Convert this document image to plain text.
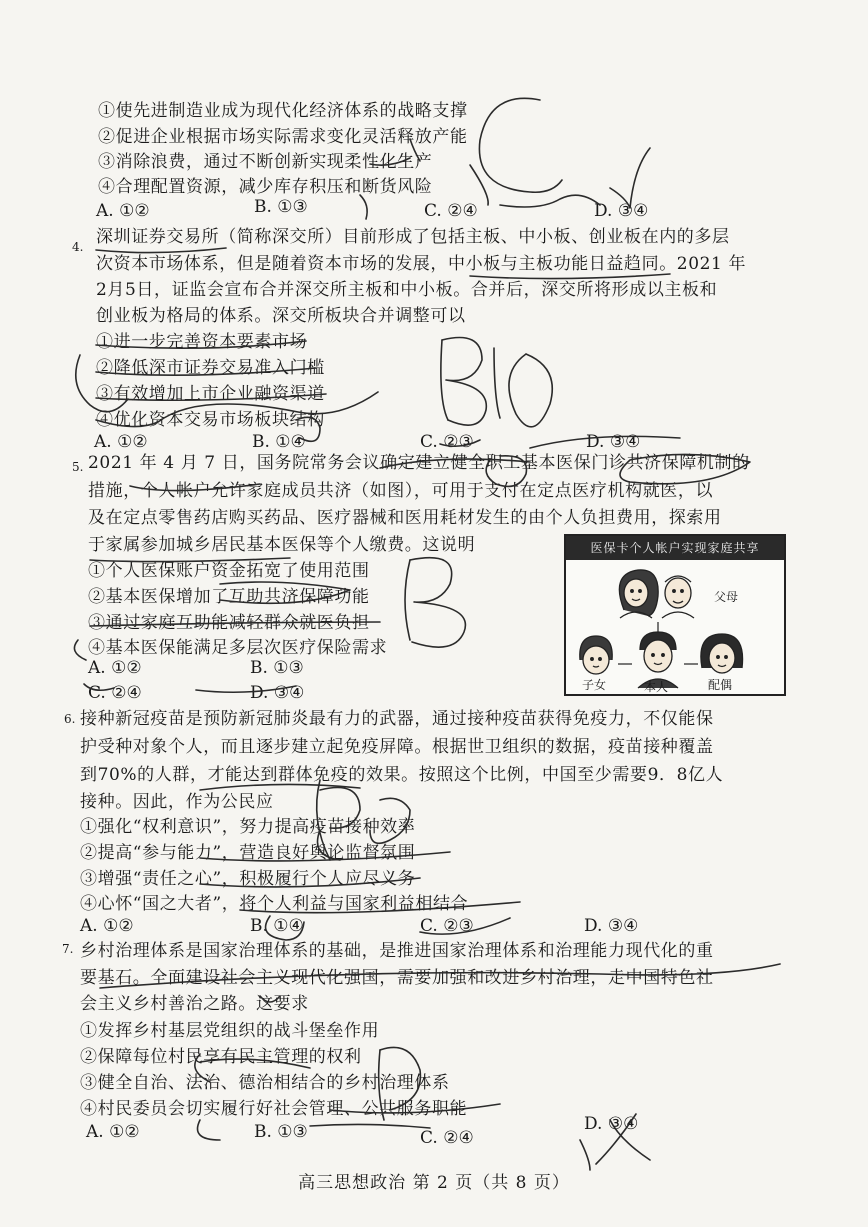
①使先进制造业成为现代化经济体系的战略支撑
②促进企业根据市场实际需求变化灵活释放产能
③消除浪费，通过不断创新实现柔性化生产
④合理配置资源，减少库存积压和断货风险
A. ①②	B. ①③	C. ②④	D. ③④
4. 深圳证券交易所（简称深交所）目前形成了包括主板、中小板、创业板在内的多层
次资本市场体系，但是随着资本市场的发展，中小板与主板功能日益趋同。2021 年
2月5日，证监会宣布合并深交所主板和中小板。合并后，深交所将形成以主板和
创业板为格局的体系。深交所板块合并调整可以
①进一步完善资本要素市场
②降低深市证券交易准入门槛
③有效增加上市企业融资渠道
④优化资本交易市场板块结构
A. ①②	B. ①④	C. ②③	D. ③④
5. 2021 年 4 月 7 日，国务院常务会议确定建立健全职工基本医保门诊共济保障机制的
措施，个人帐户允许家庭成员共济（如图），可用于支付在定点医疗机构就医，以
及在定点零售药店购买药品、医疗器械和医用耗材发生的由个人负担费用，探索用
于家属参加城乡居民基本医保等个人缴费。这说明
①个人医保账户资金拓宽了使用范围
②基本医保增加了互助共济保障功能
③通过家庭互助能减轻群众就医负担
④基本医保能满足多层次医疗保险需求
A. ①②	B. ①③
C. ②④	D. ③④
医保卡个人帐户实现家庭共享
父母
子女	本人	配偶
6. 接种新冠疫苗是预防新冠肺炎最有力的武器，通过接种疫苗获得免疫力，不仅能保
护受种对象个人，而且逐步建立起免疫屏障。根据世卫组织的数据，疫苗接种覆盖
到70%的人群，才能达到群体免疫的效果。按照这个比例，中国至少需要9．8亿人
接种。因此，作为公民应
①强化“权利意识”，努力提高疫苗接种效率
②提高“参与能力”，营造良好舆论监督氛围
③增强“责任之心”，积极履行个人应尽义务
④心怀“国之大者”，将个人利益与国家利益相结合
A. ①②	B. ①④	C. ②③	D. ③④
7. 乡村治理体系是国家治理体系的基础，是推进国家治理体系和治理能力现代化的重
要基石。全面建设社会主义现代化强国，需要加强和改进乡村治理，走中国特色社
会主义乡村善治之路。这要求
①发挥乡村基层党组织的战斗堡垒作用
②保障每位村民享有民主管理的权利
③健全自治、法治、德治相结合的乡村治理体系
④村民委员会切实履行好社会管理、公共服务职能
A. ①②	B. ①③	C. ②④
D. ③④
高三思想政治 第 2 页（共 8 页）
